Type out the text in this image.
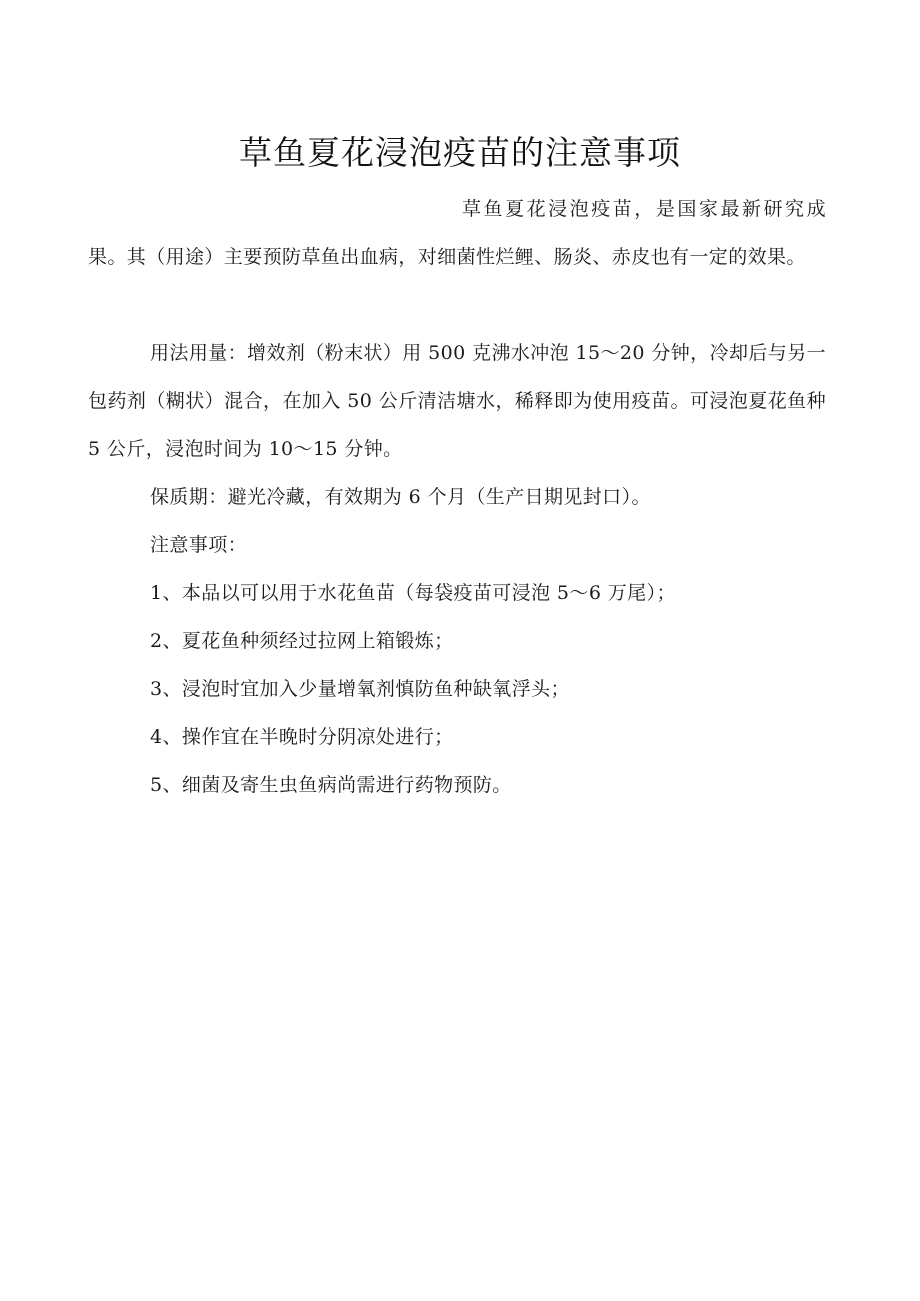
草鱼夏花浸泡疫苗的注意事项

草鱼夏花浸泡疫苗，是国家最新研究成果。其（用途）主要预防草鱼出血病，对细菌性烂鲤、肠炎、赤皮也有一定的效果。

用法用量：增效剂（粉末状）用 500 克沸水冲泡 15～20 分钟，冷却后与另一包药剂（糊状）混合，在加入 50 公斤清洁塘水，稀释即为使用疫苗。可浸泡夏花鱼种 5 公斤，浸泡时间为 10～15 分钟。

保质期：避光冷藏，有效期为 6 个月（生产日期见封口）。

注意事项：

1、本品以可以用于水花鱼苗（每袋疫苗可浸泡 5～6 万尾）；
2、夏花鱼种须经过拉网上箱锻炼；
3、浸泡时宜加入少量增氧剂慎防鱼种缺氧浮头；
4、操作宜在半晚时分阴凉处进行；
5、细菌及寄生虫鱼病尚需进行药物预防。
